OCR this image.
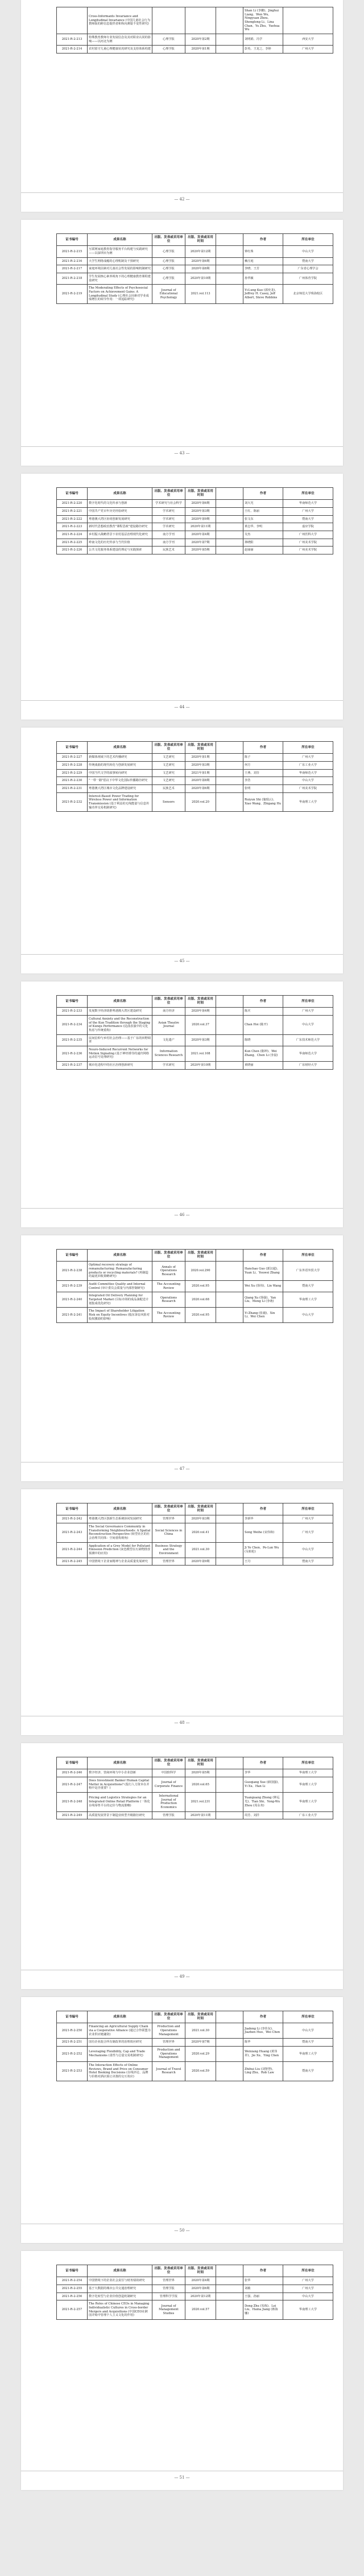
	Cross-Informants Invariance and Longitudinal Invariance (中国儿童社会行为教师版的跨信息提供者和纵向测量不变性研究)				Shan Li (李姗)、Jinghui Liang、Wen Wu、Ningyuan Zhou、Shenglong Li、Lina Chan、Yu Zhu、Yuehua Wu	
2021-R-2-213	特殊教育教师专业发展信念及其对职业认同的影响——以河北为例	心理学报	2020年第2期		刘明娟、冯学	西安大学
2021-R-2-214	农村留守儿童心理健康状况研究及支持体系构建	心理学报	2020年第1期		彭英、王龙之、李婷	广州大学
— 42 —
证书编号	成果名称	出版、发表或采用单位	出版、发表或采用时间		作者	所在单位
2021-R-2-215	互联网家庭教育指导服务平台构建与实践研究——以深圳市为例	心理学报	2020年第12期		钟红珠	中山大学
2021-R-2-216	大学生网络成瘾的心理机制及干预研究	心理学报	2020年第6期		赖庄庭	暨南大学
2021-R-2-217	家庭环境因素对儿童社会性发展的影响机制研究	心理学报	2020年第8期		李晓、王芳	广东省心理学会
2021-R-2-218	学生发展核心素养视角下的心理健康教育课程建设研究	心理学报	2020年第10期		孙华颖	广州体育学院
2021-R-2-219	The Moderating Effects of Psychosocial Factors on Achievement Gains: A Longitudinal Study (心理社会因素对学业成绩增长的调节作用：一项追踪研究)	Journal of Educational Psychology	2021.vol.113		Yi-Lung Kuo (郭奕龙)、Jeffrey H. Casey, Jeff Albert, Steve Robbins	北京师范大学珠海校区
— 43 —
证书编号	成果名称	出版、发表或采用单位	出版、发表或采用时间		作者	所在单位
2021-R-2-220	数字化时代的文化传承与创新	学术研究与社会科学	2020年第6期		刘大光	华南师范大学
2021-R-2-221	中国共产党百年历史经验研究	学术研究	2020年第3期		王红、陈丽	广州大学
2021-R-2-222	粤港澳大湾区协同创新发展研究	学术研究	2020年第9期		张文东	暨南大学
2021-R-2-223	新时代思想政治教育"课程思政"建设路径研究	学术研究	2020年第11期		黄志华、李明	嘉应学院
2021-R-2-224	乡村振兴战略背景下农村基层治理现代化研究	南方学刊	2020年第4期		吴杰	广州医科大学
2021-R-2-225	岭南文化的历史传承与当代价值	南方学刊	2020年第7期		林晓阳	广州美术学院
2021-R-2-226	公共文化服务体系建设的理论与实践探索	民族艺术	2020年第5期		赵丽丽	广州美术学院
— 44 —
证书编号	成果名称	出版、发表或采用单位	出版、发表或采用时间		作者	所在单位
2021-R-2-227	新媒体视域下的艺术传播研究	文艺研究	2020年第1期		陈子	广州大学
2021-R-2-228	传统戏曲的现代转化与创新发展研究	文艺研究	2020年第3期		何方	广东工业大学
2021-R-2-229	中国当代文学的叙事转向研究	文艺研究	2021年第1期		王燕、刘芬	华南师范大学
2021-R-2-230	"一带一路"倡议下中华文化国际传播路径研究	文艺研究	2020年第8期		李浩	中山大学
2021-R-2-231	粤港澳大湾区城市文化品牌建设研究	民族艺术	2020年第6期		张明	广州美术学院
2021-R-2-232	Interest-Based Power Trading for Wireless Power and Information Transmission (基于利益的无线能量与信息传输功率交易机制研究)	Sensors	2020.vol.20		Ruiyun Shi (施瑞云)、Xiao Wang、Zhigang Hu	华南理工大学
— 45 —
证书编号	成果名称	出版、发表或采用单位	出版、发表或采用时间		作者	所在单位
2021-R-2-233	发展数字经济助推粤港澳大湾区建设研究	南方经济	2020年第4期		陈庆	广州大学
2021-R-2-234	Cultural Anxiety and the Reconstruction of the Kun Tradition through the Staging of Kunqu Performance (昆曲表演中的文化焦虑与传统重构)	Asian Theatre Journal	2020.vol.37		Chan Hoi (陈开)	中山大学
2021-R-2-235	民间信仰与乡村社会治理——基于广东的田野调查	文化遗产	2020年第3期		陈晓	广东技术师范大学
2021-R-2-236	Neuro-Induced Recurrent Networks for Motion Signaling (基于神经诱导的递归网络运动信号处理研究)	Information Sciences Research	2021.vol.108		Kun Chen (陈坤)、Wei Zhang、Chen Li (李晨)	华南师范大学
2021-R-2-237	城市化进程中的社区治理创新研究	学术研究	2020年第10期		黄晓丽	广东财经大学
— 46 —
证书编号	成果名称	出版、发表或采用单位	出版、发表或采用时间		作者	所在单位
2021-R-2-238	Optimal recovery strategy of remanufacturing: Remanufacturing products or recycling materials? (再制造的最优回收策略研究)	Annals of Operations Research	2020.vol.290		Hanchao Guo (郭汉超)、Yuan Li、Youwei Zhang	广东外语外贸大学
2021-R-2-239	Audit Committee Quality and Internal Control (审计委员会质量与内部控制研究)	The Accounting Review	2020.vol.95		Wei Xu (徐伟)、Lin Wang	暨南大学
2021-R-2-240	Integrated Oil Delivery Planning for Targeted Market (目标市场的成品油配送计划集成优化研究)	Operations Research	2020.vol.68		Qiang Xu (徐强)、Yan Liu、Meng Li (李萌)	华南理工大学
2021-R-2-241	The Impact of Shareholder Litigation Risk on Equity Incentives (股东诉讼风险对股权激励的影响)	The Accounting Review	2020.vol.95		Yi Zhang (张毅)、Xin Li、Wei Chen	中山大学
— 47 —
证书编号	成果名称	出版、发表或采用单位	出版、发表或采用时间		作者	所在单位
2021-R-2-242	粤港澳大湾区创新生态系统协同发展研究	管理世界	2020年第3期		李新华	广州大学
2021-R-2-243	The Social Governance Community in Transforming Neighbourhoods: A Spatial Reconstruction Perspective (转型社区的社会治理共同体：空间重构视角)	Social Sciences in China	2020.vol.41		Song Weihe (宋伟和)	广州大学
2021-R-2-244	Application of a Grey Model for Pollutant Emission Prediction (灰色模型在污染物排放预测中的应用)	Business Strategy and the Environment	2021.vol.30		Ji Ye Chen、Po-Lun Wu (吴柏伦)	中山大学
2021-R-2-245	中国情境下企业家精神与企业高质量发展研究	管理世界	2020年第9期		王丹	暨南大学
— 48 —
证书编号	成果名称	出版、发表或采用单位	出版、发表或采用时间		作者	所在单位
2021-R-2-246	数字经济、营商环境与中小企业创新	中国软科学	2020年第5期		李华	华南理工大学
2021-R-2-247	Does Investment Banker Human Capital Matter in Acquisitions? (投行人力资本在并购中是否重要？)	Journal of Corporate Finance	2020.vol.65		Guoqiang Xue (薛国强)、Yi Xu、Han Li	华南理工大学
2021-R-2-248	Pricing and Logistics Strategies for an Integrated Online Retail Platform (一体化在线零售平台的定价与物流策略)	International Journal of Production Economics	2021.vol.231		Yuanguang Zhong (钟远光)、Tian Shi、Yong-Wu Zhou (周永务)	华南理工大学
2021-R-2-249	高质量发展背景下制造业转型升级路径研究	管理学报	2020年第11期		周芳、刘洋	广东工业大学
— 49 —
证书编号	成果名称	出版、发表或采用单位	出版、发表或采用时间		作者	所在单位
2021-R-2-250	Financing an Agricultural Supply Chain via a Cooperative Alliance (通过合作联盟为农业供应链融资)	Production and Operations Management	2021.vol.30		Jiadong Li (李佳东)、Jiazhen Huo、Wei Chen	中山大学
2021-R-2-251	国有企业混合所有制改革的治理效应研究	管理世界	2020年第7期		陈华	暨南大学
2021-R-2-252	Leveraging Flexibility, Cap and Trade Mechanisms (柔性与总量交易机制研究)	Production and Operations Management	2020.vol.29		Weixiang Huang (黄伟祥)、Jie Xu、Ying Chen	华南理工大学
2021-R-2-253	The Interaction Effects of Online Reviews, Brand and Price on Consumer Hotel Booking Decisions (在线评论、品牌与价格对酒店预订决策的交互效应)	Journal of Travel Research	2020.vol.59		Zhihui Liu (刘智慧)、Ling Zhu、Rob Law	暨南大学
— 50 —
证书编号	成果名称	出版、发表或采用单位	出版、发表或采用时间		作者	所在单位
2021-R-2-254	中国情境下的企业社会责任与财务绩效研究	管理世界	2020年第4期		张华	广州大学
2021-R-2-255	基于大数据的城市公共交通治理研究	管理学报	2020年第6期		刘敏	广州大学
2021-R-2-256	数字化转型与企业价值创造机制研究	管理科学学报	2020年第12期		王强、孙丽	中山大学
2021-R-2-257	The Roles of Chinese CEOs in Managing Individualistic Cultures in Cross-border Mergers and Acquisitions (中国CEO在跨国并购中管理个人主义文化的作用)	Journal of Management Studies	2020.vol.57		Dong Zhu (朱栋)、Lei Liu、Haina Jiang (蒋海娜)	华南理工大学
— 51 —
